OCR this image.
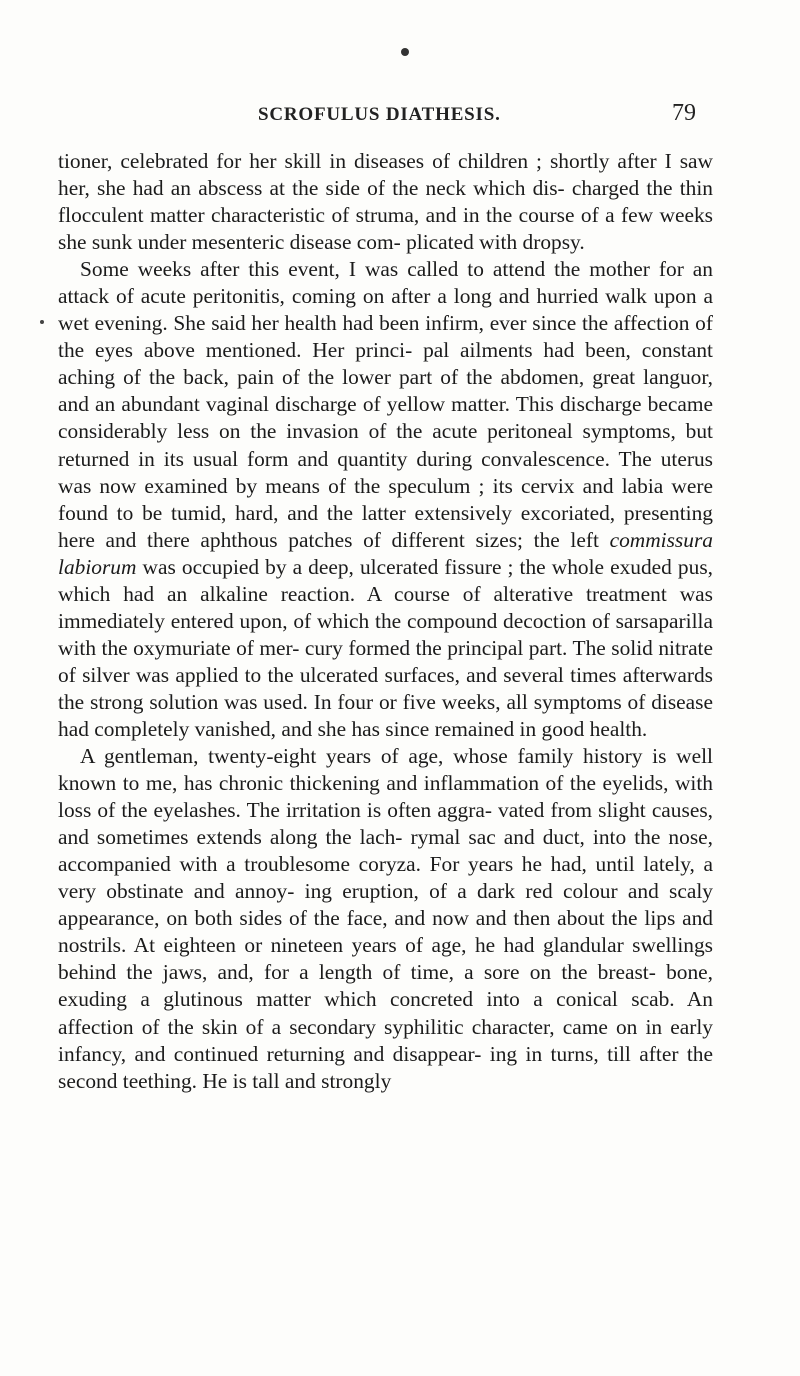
SCROFULUS DIATHESIS.	79

tioner, celebrated for her skill in diseases of children ; shortly after I saw her, she had an abscess at the side of the neck which dis- charged the thin flocculent matter characteristic of struma, and in the course of a few weeks she sunk under mesenteric disease com- plicated with dropsy.

Some weeks after this event, I was called to attend the mother for an attack of acute peritonitis, coming on after a long and hurried walk upon a wet evening. She said her health had been infirm, ever since the affection of the eyes above mentioned. Her princi- pal ailments had been, constant aching of the back, pain of the lower part of the abdomen, great languor, and an abundant vaginal discharge of yellow matter. This discharge became considerably less on the invasion of the acute peritoneal symptoms, but returned in its usual form and quantity during convalescence. The uterus was now examined by means of the speculum ; its cervix and labia were found to be tumid, hard, and the latter extensively excoriated, presenting here and there aphthous patches of different sizes; the left commissura labiorum was occupied by a deep, ulcerated fissure ; the whole exuded pus, which had an alkaline reaction. A course of alterative treatment was immediately entered upon, of which the compound decoction of sarsaparilla with the oxymuriate of mer- cury formed the principal part. The solid nitrate of silver was applied to the ulcerated surfaces, and several times afterwards the strong solution was used. In four or five weeks, all symptoms of disease had completely vanished, and she has since remained in good health.

A gentleman, twenty-eight years of age, whose family history is well known to me, has chronic thickening and inflammation of the eyelids, with loss of the eyelashes. The irritation is often aggra- vated from slight causes, and sometimes extends along the lach- rymal sac and duct, into the nose, accompanied with a troublesome coryza. For years he had, until lately, a very obstinate and annoy- ing eruption, of a dark red colour and scaly appearance, on both sides of the face, and now and then about the lips and nostrils. At eighteen or nineteen years of age, he had glandular swellings behind the jaws, and, for a length of time, a sore on the breast- bone, exuding a glutinous matter which concreted into a conical scab. An affection of the skin of a secondary syphilitic character, came on in early infancy, and continued returning and disappear- ing in turns, till after the second teething. He is tall and strongly
